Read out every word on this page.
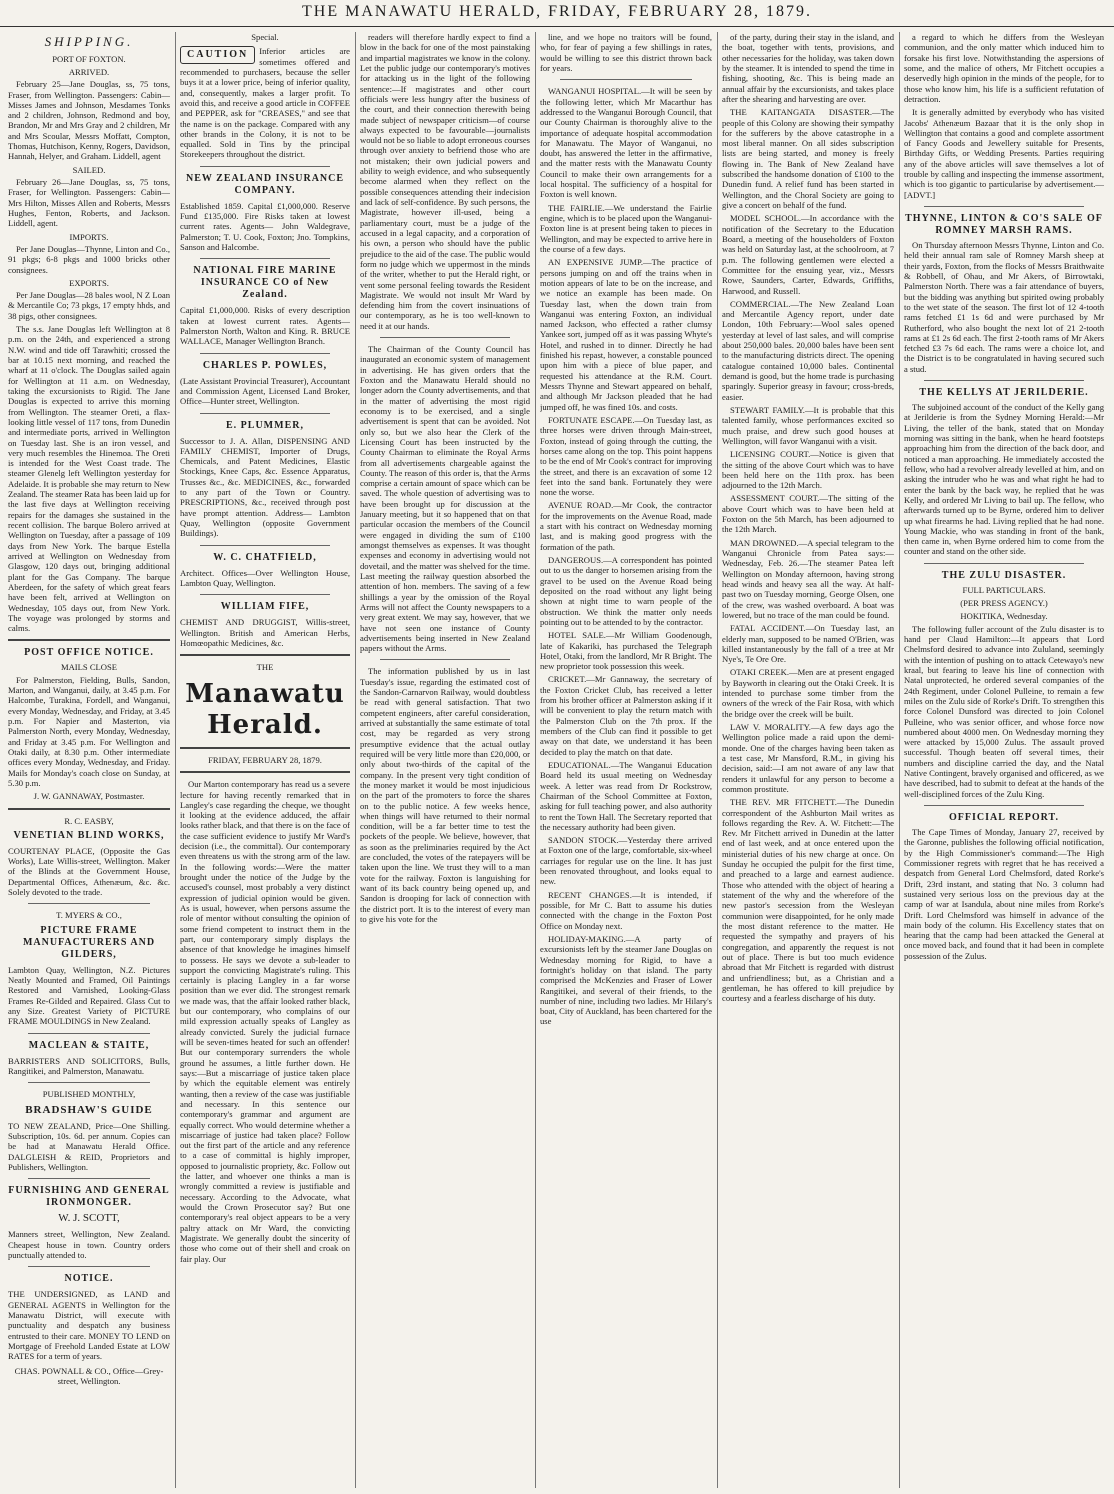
THE MANAWATU HERALD, FRIDAY, FEBRUARY 28, 1879.
SHIPPING.
PORT OF FOXTON.
ARRIVED.

February 25—Jane Douglas, ss, 75 tons, Fraser, from Wellington. Passengers: Cabin—Misses James and Johnson, Mesdames Tonks and 2 children, Johnson, Redmond and boy, Brandon, Mr and Mrs Gray and 2 children, Mr and Mrs Scoular, Messrs Moffatt, Compton, Thomas, Hutchison, Kenny, Rogers, Davidson, Hannah, Helyer, and Graham. Liddell, agent

SAILED.

February 26—Jane Douglas, ss, 75 tons, Fraser, for Wellington. Passengers: Cabin—Mrs Hilton, Misses Allen and Roberts, Messrs Hughes, Fenton, Roberts, and Jackson. Liddell, agent.

IMPORTS.

Per Jane Douglas—Thynne, Linton and Co., 91 pkgs; 6-8 pkgs and 1000 bricks other consignees.

EXPORTS.

Per Jane Douglas—28 bales wool, N Z Loan & Mercantile Co; 73 pkgs, 17 empty hhds, and 38 pigs, other consignees.

The s.s. Jane Douglas left Wellington at 8 p.m. on the 24th, and experienced a strong N.W. wind and tide off Tarawhiti; crossed the bar at 10.15 next morning, and reached the wharf at 11 o'clock. The Douglas sailed again for Wellington at 11 a.m. on Wednesday, taking the excursionists to Rigid. The Jane Douglas is expected to arrive this morning from Wellington. The steamer Oreti, a flax-looking little vessel of 117 tons, from Dunedin and intermediate ports, arrived in Wellington on Tuesday last. She is an iron vessel, and very much resembles the Hinemoa. The Oreti is intended for the West Coast trade. The steamer Glenelg left Wellington yesterday for Adelaide. It is probable she may return to New Zealand. The steamer Rata has been laid up for the last five days at Wellington receiving repairs for the damages she sustained in the recent collision. The barque Bolero arrived at Wellington on Tuesday, after a passage of 109 days from New York. The barque Estella arrived at Wellington on Wednesday from Glasgow, 120 days out, bringing additional plant for the Gas Company. The barque Aberdeen, for the safety of which great fears have been felt, arrived at Wellington on Wednesday, 105 days out, from New York. The voyage was prolonged by storms and calms.

POST OFFICE NOTICE.
MAILS CLOSE

For Palmerston, Fielding, Bulls, Sandon, Marton, and Wanganui, daily, at 3.45 p.m. For Halcombe, Turakina, Fordell, and Wanganui, every Monday, Wednesday, and Friday, at 3.45 p.m. For Napier and Masterton, via Palmerston North, every Monday, Wednesday, and Friday at 3.45 p.m. For Wellington and Otaki daily, at 8.30 p.m. Other intermediate offices every Monday, Wednesday, and Friday. Mails for Monday's coach close on Sunday, at 5.30 p.m.

J. W. GANNAWAY, Postmaster.
R. C. EASBY,
VENETIAN BLIND WORKS,

COURTENAY PLACE, (Opposite the Gas Works), Late Willis-street, Wellington. Maker of the Blinds at the Government House, Departmental Offices, Athenæum, &c. &c. Solely devoted to the trade.

T. MYERS & CO.,
PICTURE FRAME MANUFACTURERS AND GILDERS,

Lambton Quay, Wellington, N.Z. Pictures Neatly Mounted and Framed, Oil Paintings Restored and Varnished, Looking-Glass Frames Re-Gilded and Repaired. Glass Cut to any Size. Greatest Variety of PICTURE FRAME MOULDINGS in New Zealand.

MACLEAN & STAITE,

BARRISTERS AND SOLICITORS, Bulls, Rangitikei, and Palmerston, Manawatu.

PUBLISHED MONTHLY,
BRADSHAW'S GUIDE

TO NEW ZEALAND, Price—One Shilling. Subscription, 10s. 6d. per annum. Copies can be had at Manawatu Herald Office. DALGLEISH & REID, Proprietors and Publishers, Wellington.

FURNISHING AND GENERAL IRONMONGER.
W. J. SCOTT,

Manners street, Wellington, New Zealand. Cheapest house in town. Country orders punctually attended to.

NOTICE.

THE UNDERSIGNED, as LAND and GENERAL AGENTS in Wellington for the Manawatu District, will execute with punctuality and despatch any business entrusted to their care. MONEY TO LEND on Mortgage of Freehold Landed Estate at LOW RATES for a term of years.

CHAS. POWNALL & CO., Office—Grey-street, Wellington.
Special.

CAUTION	Inferior articles are sometimes offered and recommended to purchasers, because the seller buys it at a lower price, being of inferior quality, and, consequently, makes a larger profit. To avoid this, and receive a good article in COFFEE and PEPPER, ask for "CREASES," and see that the name is on the package. Compared with any other brands in the Colony, it is not to be equalled. Sold in Tins by the principal Storekeepers throughout the district.

NEW ZEALAND INSURANCE COMPANY.

Established 1859. Capital £1,000,000. Reserve Fund £135,000. Fire Risks taken at lowest current rates. Agents— John Waldegrave, Palmerston; T. U. Cook, Foxton; Jno. Tompkins, Sanson and Halcombe.

NATIONAL FIRE MARINE INSURANCE CO of New Zealand.

Capital £1,000,000. Risks of every description taken at lowest current rates. Agents— Palmerston North, Walton and King. R. BRUCE WALLACE, Manager Wellington Branch.

CHARLES P. POWLES,

(Late Assistant Provincial Treasurer), Accountant and Commission Agent, Licensed Land Broker, Office—Hunter street, Wellington.

E. PLUMMER,

Successor to J. A. Allan, DISPENSING AND FAMILY CHEMIST, Importer of Drugs, Chemicals, and Patent Medicines, Elastic Stockings, Knee Caps, &c. Essence Apparatus, Trusses &c., &c. MEDICINES, &c., forwarded to any part of the Town or Country. PRESCRIPTIONS, &c., received through post have prompt attention. Address— Lambton Quay, Wellington (opposite Government Buildings).

W. C. CHATFIELD,

Architect. Offices—Over Wellington House, Lambton Quay, Wellington.

WILLIAM FIFE,

CHEMIST AND DRUGGIST, Willis-street, Wellington. British and American Herbs, Homœopathic Medicines, &c.

THE
Manawatu Herald.
FRIDAY, FEBRUARY 28, 1879.

Our Marton contemporary has read us a severe lecture for having recently remarked that in Langley's case regarding the cheque, we thought it looking at the evidence adduced, the affair looks rather black, and that there is on the face of the case sufficient evidence to justify Mr Ward's decision (i.e., the committal). Our contemporary even threatens us with the strong arm of the law. In the following words:—Were the matter brought under the notice of the Judge by the accused's counsel, most probably a very distinct expression of judicial opinion would be given. As is usual, however, when persons assume the role of mentor without consulting the opinion of some friend competent to instruct them in the part, our contemporary simply displays the absence of that knowledge he imagines himself to possess. He says we devote a sub-leader to support the convicting Magistrate's ruling. This certainly is placing Langley in a far worse position than we ever did. The strongest remark we made was, that the affair looked rather black, but our contemporary, who complains of our mild expression actually speaks of Langley as already convicted. Surely the judicial furnace will be seven-times heated for such an offender! But our contemporary surrenders the whole ground he assumes, a little further down. He says:—But a miscarriage of justice taken place by which the equitable element was entirely wanting, then a review of the case was justifiable and necessary. In this sentence our contemporary's grammar and argument are equally correct. Who would determine whether a miscarriage of justice had taken place? Follow out the first part of the article and any reference to a case of committal is highly improper, opposed to journalistic propriety, &c. Follow out the latter, and whoever one thinks a man is wrongly committed a review is justifiable and necessary. According to the Advocate, what would the Crown Prosecutor say? But one contemporary's real object appears to be a very paltry attack on Mr Ward, the convicting Magistrate. We generally doubt the sincerity of those who come out of their shell and croak on fair play. Our

readers will therefore hardly expect to find a blow in the back for one of the most painstaking and impartial magistrates we know in the colony. Let the public judge our contemporary's motives for attacking us in the light of the following sentence:—If magistrates and other court officials were less hungry after the business of the court, and their connection therewith being made subject of newspaper criticism—of course always expected to be favourable—journalists would not be so liable to adopt erroneous courses through over anxiety to befriend those who are not mistaken; their own judicial powers and ability to weigh evidence, and who subsequently become alarmed when they reflect on the possible consequences attending their indecision and lack of self-confidence. By such persons, the Magistrate, however ill-used, being a parliamentary court, must be a judge of the accused in a legal capacity, and a corporation of his own, a person who should have the public prejudice to the aid of the case. The public would form no judge which we uppermost in the minds of the writer, whether to put the Herald right, or vent some personal feeling towards the Resident Magistrate. We would not insult Mr Ward by defending him from the covert insinuations of our contemporary, as he is too well-known to need it at our hands.

The Chairman of the County Council has inaugurated an economic system of management in advertising. He has given orders that the Foxton and the Manawatu Herald should no longer adorn the County advertisements, and that in the matter of advertising the most rigid economy is to be exercised, and a single advertisement is spent that can be avoided. Not only so, but we also hear the Clerk of the Licensing Court has been instructed by the County Chairman to eliminate the Royal Arms from all advertisements chargeable against the County. The reason of this order is, that the Arms comprise a certain amount of space which can be saved. The whole question of advertising was to have been brought up for discussion at the January meeting, but it so happened that on that particular occasion the members of the Council were engaged in dividing the sum of £100 amongst themselves as expenses. It was thought expenses and economy in advertising would not dovetail, and the matter was shelved for the time. Last meeting the railway question absorbed the attention of hon. members. The saving of a few shillings a year by the omission of the Royal Arms will not affect the County newspapers to a very great extent. We may say, however, that we have not seen one instance of County advertisements being inserted in New Zealand papers without the Arms.

The information published by us in last Tuesday's issue, regarding the estimated cost of the Sandon-Carnarvon Railway, would doubtless be read with general satisfaction. That two competent engineers, after careful consideration, arrived at substantially the same estimate of total cost, may be regarded as very strong presumptive evidence that the actual outlay required will be very little more than £20,000, or only about two-thirds of the capital of the company. In the present very tight condition of the money market it would be most injudicious on the part of the promoters to force the shares on to the public notice. A few weeks hence, when things will have returned to their normal condition, will be a far better time to test the pockets of the people. We believe, however, that as soon as the preliminaries required by the Act are concluded, the votes of the ratepayers will be taken upon the line. We trust they will to a man vote for the railway. Foxton is languishing for want of its back country being opened up, and Sandon is drooping for lack of connection with the district port. It is to the interest of every man to give his vote for the

line, and we hope no traitors will be found, who, for fear of paying a few shillings in rates, would be willing to see this district thrown back for years.

WANGANUI HOSPITAL.—It will be seen by the following letter, which Mr Macarthur has addressed to the Wanganui Borough Council, that our County Chairman is thoroughly alive to the importance of adequate hospital accommodation for Manawatu. The Mayor of Wanganui, no doubt, has answered the letter in the affirmative, and the matter rests with the Manawatu County Council to make their own arrangements for a local hospital. The sufficiency of a hospital for Foxton is well known.

THE FAIRLIE.—We understand the Fairlie engine, which is to be placed upon the Wanganui-Foxton line is at present being taken to pieces in Wellington, and may be expected to arrive here in the course of a few days.

AN EXPENSIVE JUMP.—The practice of persons jumping on and off the trains when in motion appears of late to be on the increase, and we notice an example has been made. On Tuesday last, when the down train from Wanganui was entering Foxton, an individual named Jackson, who effected a rather clumsy Yankee sort, jumped off as it was passing Whyte's Hotel, and rushed in to dinner. Directly he had finished his repast, however, a constable pounced upon him with a piece of blue paper, and requested his attendance at the R.M. Court. Messrs Thynne and Stewart appeared on behalf, and although Mr Jackson pleaded that he had jumped off, he was fined 10s. and costs.

FORTUNATE ESCAPE.—On Tuesday last, as three horses were driven through Main-street, Foxton, instead of going through the cutting, the horses came along on the top. This point happens to be the end of Mr Cook's contract for improving the street, and there is an excavation of some 12 feet into the sand bank. Fortunately they were none the worse.

AVENUE ROAD.—Mr Cook, the contractor for the improvements on the Avenue Road, made a start with his contract on Wednesday morning last, and is making good progress with the formation of the path.

DANGEROUS.—A correspondent has pointed out to us the danger to horsemen arising from the gravel to be used on the Avenue Road being deposited on the road without any light being shown at night time to warn people of the obstruction. We think the matter only needs pointing out to be attended to by the contractor.

HOTEL SALE.—Mr William Goodenough, late of Kakariki, has purchased the Telegraph Hotel, Otaki, from the landlord, Mr R Bright. The new proprietor took possession this week.

CRICKET.—Mr Gannaway, the secretary of the Foxton Cricket Club, has received a letter from his brother officer at Palmerston asking if it will be convenient to play the return match with the Palmerston Club on the 7th prox. If the members of the Club can find it possible to get away on that date, we understand it has been decided to play the match on that date.

EDUCATIONAL.—The Wanganui Education Board held its usual meeting on Wednesday week. A letter was read from Dr Rockstrow, Chairman of the School Committee at Foxton, asking for full teaching power, and also authority to rent the Town Hall. The Secretary reported that the necessary authority had been given.

SANDON STOCK.—Yesterday there arrived at Foxton one of the large, comfortable, six-wheel carriages for regular use on the line. It has just been renovated throughout, and looks equal to new.

RECENT CHANGES.—It is intended, if possible, for Mr C. Batt to assume his duties connected with the change in the Foxton Post Office on Monday next.

HOLIDAY-MAKING.—A party of excursionists left by the steamer Jane Douglas on Wednesday morning for Rigid, to have a fortnight's holiday on that island. The party comprised the McKenzies and Fraser of Lower Rangitikei, and several of their friends, to the number of nine, including two ladies. Mr Hilary's boat, City of Auckland, has been chartered for the use

of the party, during their stay in the island, and the boat, together with tents, provisions, and other necessaries for the holiday, was taken down by the steamer. It is intended to spend the time in fishing, shooting, &c. This is being made an annual affair by the excursionists, and takes place after the shearing and harvesting are over.

THE KAITANGATA DISASTER.—The people of this Colony are showing their sympathy for the sufferers by the above catastrophe in a most liberal manner. On all sides subscription lists are being started, and money is freely flowing in. The Bank of New Zealand have subscribed the handsome donation of £100 to the Dunedin fund. A relief fund has been started in Wellington, and the Choral Society are going to give a concert on behalf of the fund.

MODEL SCHOOL.—In accordance with the notification of the Secretary to the Education Board, a meeting of the householders of Foxton was held on Saturday last, at the schoolroom, at 7 p.m. The following gentlemen were elected a Committee for the ensuing year, viz., Messrs Rowe, Saunders, Carter, Edwards, Griffiths, Harwood, and Russell.

COMMERCIAL.—The New Zealand Loan and Mercantile Agency report, under date London, 10th February:—Wool sales opened yesterday at level of last sales, and will comprise about 250,000 bales. 20,000 bales have been sent to the manufacturing districts direct. The opening catalogue contained 10,000 bales. Continental demand is good, but the home trade is purchasing sparingly. Superior greasy in favour; cross-breds, easier.

STEWART FAMILY.—It is probable that this talented family, whose performances excited so much praise, and drew such good houses at Wellington, will favor Wanganui with a visit.

LICENSING COURT.—Notice is given that the sitting of the above Court which was to have been held here on the 11th prox. has been adjourned to the 12th March.

ASSESSMENT COURT.—The sitting of the above Court which was to have been held at Foxton on the 5th March, has been adjourned to the 12th March.

MAN DROWNED.—A special telegram to the Wanganui Chronicle from Patea says:—Wednesday, Feb. 26.—The steamer Patea left Wellington on Monday afternoon, having strong head winds and heavy sea all the way. At half-past two on Tuesday morning, George Olsen, one of the crew, was washed overboard. A boat was lowered, but no trace of the man could be found.

FATAL ACCIDENT.—On Tuesday last, an elderly man, supposed to be named O'Brien, was killed instantaneously by the fall of a tree at Mr Nye's, Te Ore Ore.

OTAKI CREEK.—Men are at present engaged by Bayworth in clearing out the Otaki Creek. It is intended to purchase some timber from the owners of the wreck of the Fair Rosa, with which the bridge over the creek will be built.

LAW V. MORALITY.—A few days ago the Wellington police made a raid upon the demi-monde. One of the charges having been taken as a test case, Mr Mansford, R.M., in giving his decision, said:—I am not aware of any law that renders it unlawful for any person to become a common prostitute.

THE REV. MR FITCHETT.—The Dunedin correspondent of the Ashburton Mail writes as follows regarding the Rev. A. W. Fitchett:—The Rev. Mr Fitchett arrived in Dunedin at the latter end of last week, and at once entered upon the ministerial duties of his new charge at once. On Sunday he occupied the pulpit for the first time, and preached to a large and earnest audience. Those who attended with the object of hearing a statement of the why and the wherefore of the new pastor's secession from the Wesleyan communion were disappointed, for he only made the most distant reference to the matter. He requested the sympathy and prayers of his congregation, and apparently the request is not out of place. There is but too much evidence abroad that Mr Fitchett is regarded with distrust and unfriendliness; but, as a Christian and a gentleman, he has offered to kill prejudice by courtesy and a fearless discharge of his duty.

a regard to which he differs from the Wesleyan communion, and the only matter which induced him to forsake his first love. Notwithstanding the aspersions of some, and the malice of others, Mr Fitchett occupies a deservedly high opinion in the minds of the people, for to those who know him, his life is a sufficient refutation of detraction.

It is generally admitted by everybody who has visited Jacobs' Athenæum Bazaar that it is the only shop in Wellington that contains a good and complete assortment of Fancy Goods and Jewellery suitable for Presents, Birthday Gifts, or Wedding Presents. Parties requiring any of the above articles will save themselves a lot of trouble by calling and inspecting the immense assortment, which is too gigantic to particularise by advertisement.—[ADVT.]

THYNNE, LINTON & CO'S SALE OF ROMNEY MARSH RAMS.

On Thursday afternoon Messrs Thynne, Linton and Co. held their annual ram sale of Romney Marsh sheep at their yards, Foxton, from the flocks of Messrs Braithwaite & Robbell, of Ohau, and Mr Akers, of Birrowtaki, Palmerston North. There was a fair attendance of buyers, but the bidding was anything but spirited owing probably to the wet state of the season. The first lot of 12 4-tooth rams fetched £1 1s 6d and were purchased by Mr Rutherford, who also bought the next lot of 21 2-tooth rams at £1 2s 6d each. The first 2-tooth rams of Mr Akers fetched £3 7s 6d each. The rams were a choice lot, and the District is to be congratulated in having secured such a stud.

THE KELLYS AT JERILDERIE.

The subjoined account of the conduct of the Kelly gang at Jerilderie is from the Sydney Morning Herald:—Mr Living, the teller of the bank, stated that on Monday morning was sitting in the bank, when he heard footsteps approaching him from the direction of the back door, and noticed a man approaching. He immediately accosted the fellow, who had a revolver already levelled at him, and on asking the intruder who he was and what right he had to enter the bank by the back way, he replied that he was Kelly, and ordered Mr Living to bail up. The fellow, who afterwards turned up to be Byrne, ordered him to deliver up what firearms he had. Living replied that he had none. Young Mackie, who was standing in front of the bank, then came in, when Byrne ordered him to come from the counter and stand on the other side.

THE ZULU DISASTER.
FULL PARTICULARS.
(PER PRESS AGENCY.)
HOKITIKA, Wednesday.

The following fuller account of the Zulu disaster is to hand per Claud Hamilton:—It appears that Lord Chelmsford desired to advance into Zululand, seemingly with the intention of pushing on to attack Cetewayo's new kraal, but fearing to leave his line of connection with Natal unprotected, he ordered several companies of the 24th Regiment, under Colonel Pulleine, to remain a few miles on the Zulu side of Rorke's Drift. To strengthen this force Colonel Dunsford was directed to join Colonel Pulleine, who was senior officer, and whose force now numbered about 4000 men. On Wednesday morning they were attacked by 15,000 Zulus. The assault proved successful. Though beaten off several times, their numbers and discipline carried the day, and the Natal Native Contingent, bravely organised and officered, as we have described, had to submit to defeat at the hands of the well-disciplined forces of the Zulu King.

OFFICIAL REPORT.

The Cape Times of Monday, January 27, received by the Garonne, publishes the following official notification, by the High Commissioner's command:—The High Commissioner regrets with regret that he has received a despatch from General Lord Chelmsford, dated Rorke's Drift, 23rd instant, and stating that No. 3 column had sustained very serious loss on the previous day at the camp of war at Isandula, about nine miles from Rorke's Drift. Lord Chelmsford was himself in advance of the main body of the column. His Excellency states that on hearing that the camp had been attacked the General at once moved back, and found that it had been in complete possession of the Zulus.
